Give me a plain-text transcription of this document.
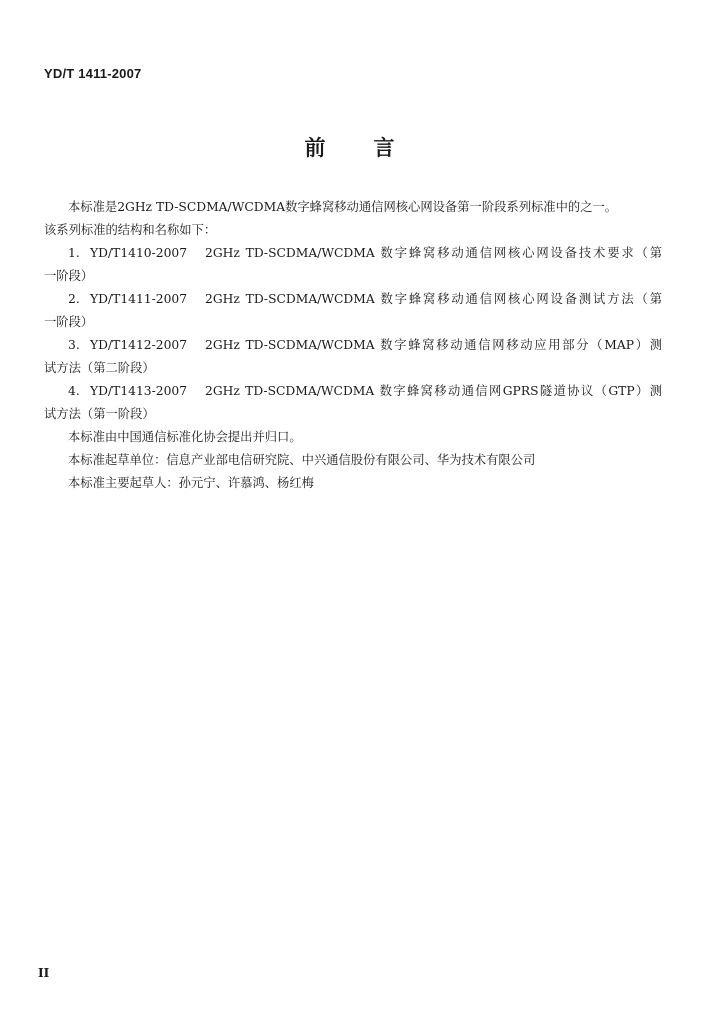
YD/T 1411-2007
前 言

本标准是2GHz TD-SCDMA/WCDMA数字蜂窝移动通信网核心网设备第一阶段系列标准中的之一。

该系列标准的结构和名称如下：

1. YD/T1410-2007 2GHz TD-SCDMA/WCDMA 数字蜂窝移动通信网核心网设备技术要求（第
一阶段）
2. YD/T1411-2007 2GHz TD-SCDMA/WCDMA 数字蜂窝移动通信网核心网设备测试方法（第
一阶段）
3. YD/T1412-2007 2GHz TD-SCDMA/WCDMA 数字蜂窝移动通信网移动应用部分（MAP）测
试方法（第二阶段）
4. YD/T1413-2007 2GHz TD-SCDMA/WCDMA 数字蜂窝移动通信网GPRS隧道协议（GTP）测
试方法（第一阶段）

本标准由中国通信标准化协会提出并归口。

本标准起草单位：信息产业部电信研究院、中兴通信股份有限公司、华为技术有限公司

本标准主要起草人：孙元宁、许慕鸿、杨红梅

II
